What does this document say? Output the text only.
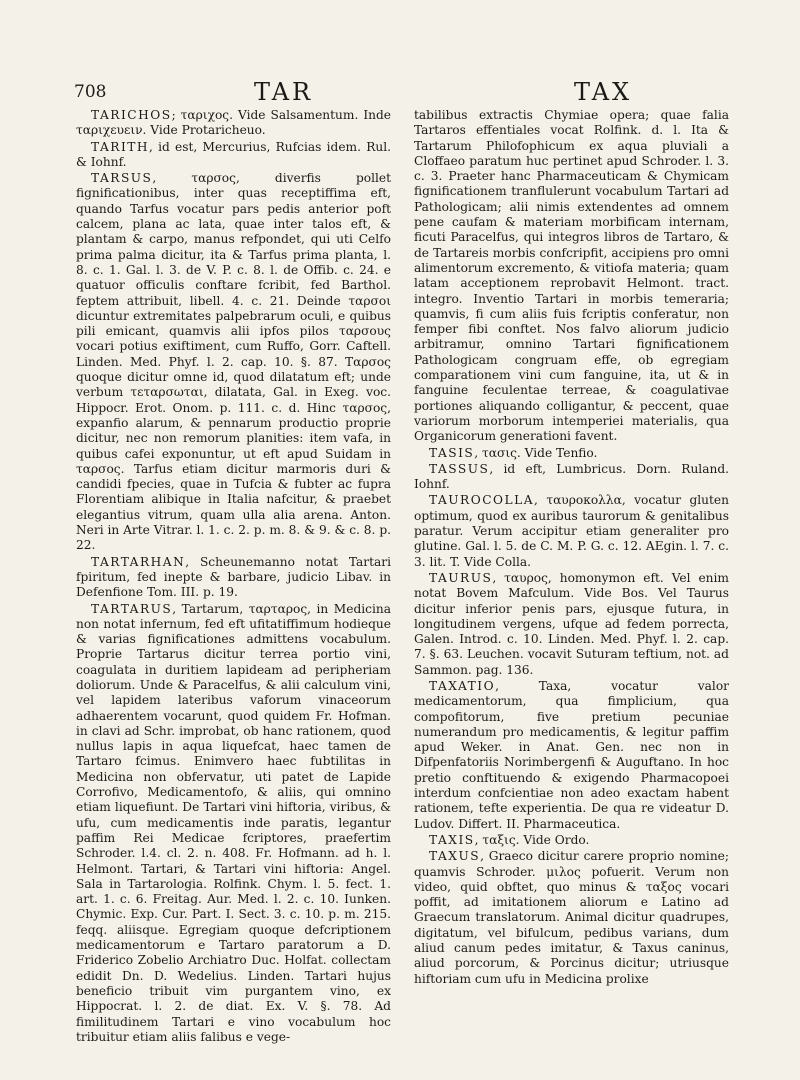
708	TAR	TAX

TARICHOS; ταριχος. Vide Salsamentum. Inde ταριχευειν. Vide Protaricheuo.

TARITH, id est, Mercurius, Rufcias idem. Rul. & Iohnf.

TARSUS, ταρσος, diverfis pollet fignificationibus, inter quas receptiffima eft, quando Tarfus vocatur pars pedis anterior poft calcem, plana ac lata, quae inter talos eft, & plantam & carpo, manus refpondet, qui uti Celfo prima palma dicitur, ita & Tarfus prima planta, l. 8. c. 1. Gal. l. 3. de V. P. c. 8. l. de Offib. c. 24. e quatuor officulis conftare fcribit, fed Barthol. feptem attribuit, libell. 4. c. 21. Deinde ταρσοι dicuntur extremitates palpebrarum oculi, e quibus pili emicant, quamvis alii ipfos pilos ταρσους vocari potius exiftiment, cum Ruffo, Gorr. Caftell. Linden. Med. Phyf. l. 2. cap. 10. §. 87. Ταρσος quoque dicitur omne id, quod dilatatum eft; unde verbum τεταρσωται, dilatata, Gal. in Exeg. voc. Hippocr. Erot. Onom. p. 111. c. d. Hinc ταρσος, expanfio alarum, & pennarum productio proprie dicitur, nec non remorum planities: item vafa, in quibus cafei exponuntur, ut eft apud Suidam in ταρσος. Tarfus etiam dicitur marmoris duri & candidi fpecies, quae in Tufcia & fubter ac fupra Florentiam alibique in Italia nafcitur, & praebet elegantius vitrum, quam ulla alia arena. Anton. Neri in Arte Vitrar. l. 1. c. 2. p. m. 8. & 9. & c. 8. p. 22.

TARTARHAN, Scheunemanno notat Tartari fpiritum, fed inepte & barbare, judicio Libav. in Defenfione Tom. III. p. 19.

TARTARUS, Tartarum, ταρταρος, in Medicina non notat infernum, fed eft ufitatiffimum hodieque & varias fignificationes admittens vocabulum. Proprie Tartarus dicitur terrea portio vini, coagulata in duritiem lapideam ad peripheriam doliorum. Unde & Paracelfus, & alii calculum vini, vel lapidem lateribus vaforum vinaceorum adhaerentem vocarunt, quod quidem Fr. Hofman. in clavi ad Schr. improbat, ob hanc rationem, quod nullus lapis in aqua liquefcat, haec tamen de Tartaro fcimus. Enimvero haec fubtilitas in Medicina non obfervatur, uti patet de Lapide Corrofivo, Medicamentofo, & aliis, qui omnino etiam liquefiunt. De Tartari vini hiftoria, viribus, & ufu, cum medicamentis inde paratis, legantur paffim Rei Medicae fcriptores, praefertim Schroder. l.4. cl. 2. n. 408. Fr. Hofmann. ad h. l. Helmont. Tartari, & Tartari vini hiftoria: Angel. Sala in Tartarologia. Rolfink. Chym. l. 5. fect. 1. art. 1. c. 6. Freitag. Aur. Med. l. 2. c. 10. Iunken. Chymic. Exp. Cur. Part. I. Sect. 3. c. 10. p. m. 215. feqq. aliisque. Egregiam quoque defcriptionem medicamentorum e Tartaro paratorum a D. Friderico Zobelio Archiatro Duc. Holfat. collectam edidit Dn. D. Wedelius. Linden. Tartari hujus beneficio tribuit vim purgantem vino, ex Hippocrat. l. 2. de diat. Ex. V. §. 78. Ad fimilitudinem Tartari e vino vocabulum hoc tribuitur etiam aliis falibus e vege-

tabilibus extractis Chymiae opera; quae falia Tartaros effentiales vocat Rolfink. d. l. Ita & Tartarum Philofophicum ex aqua pluviali a Cloffaeo paratum huc pertinet apud Schroder. l. 3. c. 3. Praeter hanc Pharmaceuticam & Chymicam fignificationem tranflulerunt vocabulum Tartari ad Pathologicam; alii nimis extendentes ad omnem pene caufam & materiam morbificam internam, ficuti Paracelfus, qui integros libros de Tartaro, & de Tartareis morbis confcripfit, accipiens pro omni alimentorum excremento, & vitiofa materia; quam latam acceptionem reprobavit Helmont. tract. integro. Inventio Tartari in morbis temeraria; quamvis, fi cum aliis fuis fcriptis conferatur, non femper fibi conftet. Nos falvo aliorum judicio arbitramur, omnino Tartari fignificationem Pathologicam congruam effe, ob egregiam comparationem vini cum fanguine, ita, ut & in fanguine feculentae terreae, & coagulativae portiones aliquando colligantur, & peccent, quae variorum morborum intemperiei materialis, qua Organicorum generationi favent.

TASIS, τασις. Vide Tenfio.

TASSUS, id eft, Lumbricus. Dorn. Ruland. Iohnf.

TAUROCOLLA, ταυροκολλα, vocatur gluten optimum, quod ex auribus taurorum & genitalibus paratur. Verum accipitur etiam generaliter pro glutine. Gal. l. 5. de C. M. P. G. c. 12. AEgin. l. 7. c. 3. lit. T. Vide Colla.

TAURUS, ταυρος, homonymon eft. Vel enim notat Bovem Mafculum. Vide Bos. Vel Taurus dicitur inferior penis pars, ejusque futura, in longitudinem vergens, ufque ad fedem porrecta, Galen. Introd. c. 10. Linden. Med. Phyf. l. 2. cap. 7. §. 63. Leuchen. vocavit Suturam teftium, not. ad Sammon. pag. 136.

TAXATIO, Taxa, vocatur valor medicamentorum, qua fimplicium, qua compofitorum, five pretium pecuniae numerandum pro medicamentis, & legitur paffim apud Weker. in Anat. Gen. nec non in Difpenfatoriis Norimbergenfi & Auguftano. In hoc pretio conftituendo & exigendo Pharmacopoei interdum confcientiae non adeo exactam habent rationem, tefte experientia. De qua re videatur D. Ludov. Differt. II. Pharmaceutica.

TAXIS, ταξις. Vide Ordo.

TAXUS, Graeco dicitur carere proprio nomine; quamvis Schroder. μιλος pofuerit. Verum non video, quid obftet, quo minus & ταξος vocari poffit, ad imitationem aliorum e Latino ad Graecum translatorum. Animal dicitur quadrupes, digitatum, vel bifulcum, pedibus varians, dum aliud canum pedes imitatur, & Taxus caninus, aliud porcorum, & Porcinus dicitur; utriusque hiftoriam cum ufu in Medicina prolixe
